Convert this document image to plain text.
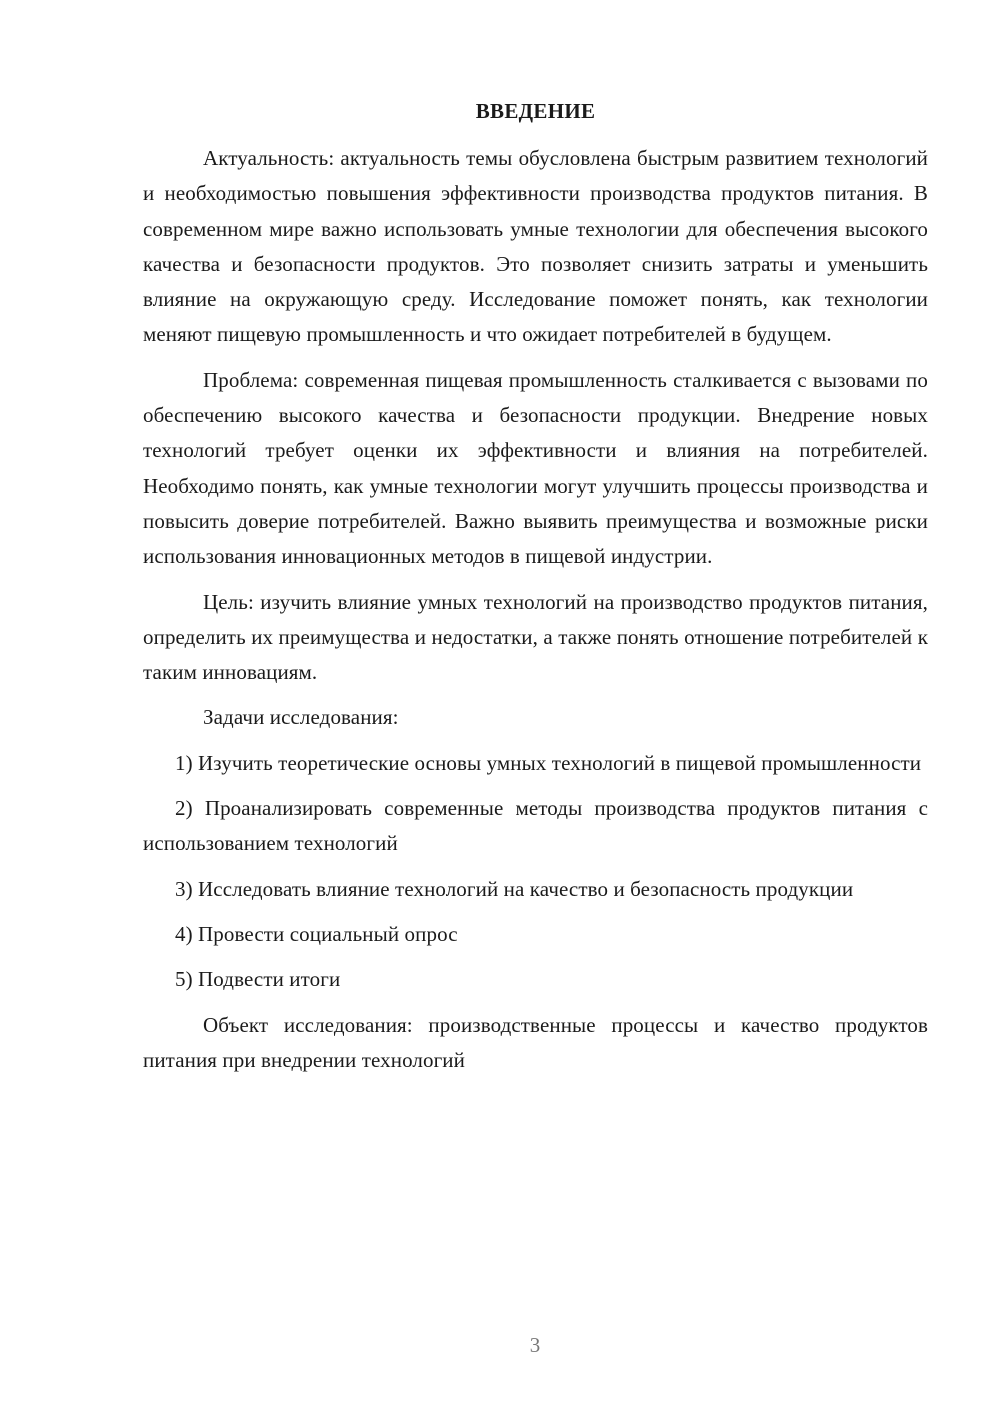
ВВЕДЕНИЕ

Актуальность: актуальность темы обусловлена быстрым развитием технологий и необходимостью повышения эффективности производства продуктов питания. В современном мире важно использовать умные технологии для обеспечения высокого качества и безопасности продуктов. Это позволяет снизить затраты и уменьшить влияние на окружающую среду. Исследование поможет понять, как технологии меняют пищевую промышленность и что ожидает потребителей в будущем.

Проблема: современная пищевая промышленность сталкивается с вызовами по обеспечению высокого качества и безопасности продукции. Внедрение новых технологий требует оценки их эффективности и влияния на потребителей. Необходимо понять, как умные технологии могут улучшить процессы производства и повысить доверие потребителей. Важно выявить преимущества и возможные риски использования инновационных методов в пищевой индустрии.

Цель: изучить влияние умных технологий на производство продуктов питания, определить их преимущества и недостатки, а также понять отношение потребителей к таким инновациям.

Задачи исследования:

1) Изучить теоретические основы умных технологий в пищевой промышленности

2) Проанализировать современные методы производства продуктов питания с использованием технологий

3) Исследовать влияние технологий на качество и безопасность продукции

4) Провести социальный опрос

5) Подвести итоги

Объект исследования: производственные процессы и качество продуктов питания при внедрении технологий

3
